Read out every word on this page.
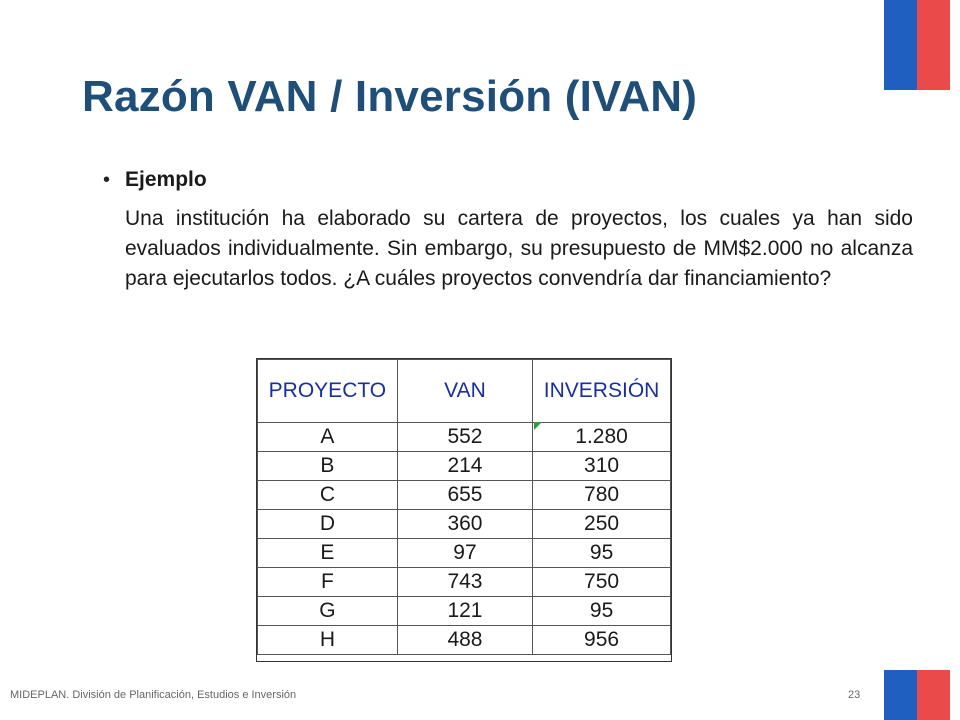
Razón VAN / Inversión (IVAN)
• Ejemplo
Una institución ha elaborado su cartera de proyectos, los cuales ya han sido evaluados individualmente. Sin embargo, su presupuesto de MM$2.000 no alcanza para ejecutarlos todos. ¿A cuáles proyectos convendría dar financiamiento?
PROYECTO	VAN	INVERSIÓN
A	552	1.280
B	214	310
C	655	780
D	360	250
E	97	95
F	743	750
G	121	95
H	488	956
MIDEPLAN. División de Planificación, Estudios e Inversión	23
